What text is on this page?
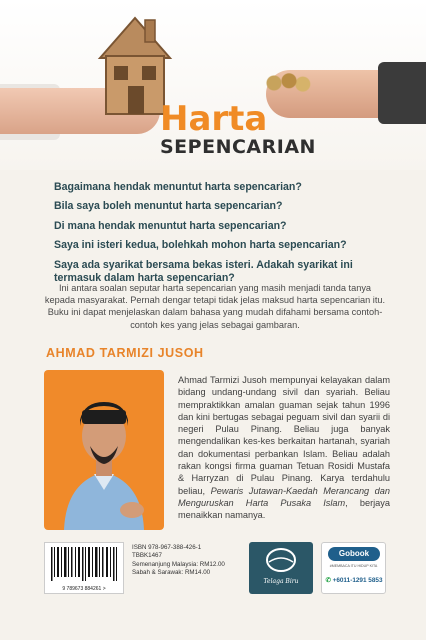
Harta
SEPENCARIAN
Bagaimana hendak menuntut harta sepencarian?
Bila saya boleh menuntut harta sepencarian?
Di mana hendak menuntut harta sepencarian?
Saya ini isteri kedua, bolehkah mohon harta sepencarian?
Saya ada syarikat bersama bekas isteri. Adakah syarikat ini termasuk dalam harta sepencarian?

Ini antara soalan seputar harta sepencarian yang masih menjadi tanda tanya kepada masyarakat. Pernah dengar tetapi tidak jelas maksud harta sepencarian itu. Buku ini dapat menjelaskan dalam bahasa yang mudah difahami bersama contoh-contoh kes yang jelas sebagai gambaran.

AHMAD TARMIZI JUSOH

Ahmad Tarmizi Jusoh mempunyai kelayakan dalam bidang undang-undang sivil dan syariah. Beliau mempraktikkan amalan guaman sejak tahun 1996 dan kini bertugas sebagai peguam sivil dan syarii di negeri Pulau Pinang. Beliau juga banyak mengendalikan kes-kes berkaitan hartanah, syariah dan dokumentasi perbankan Islam. Beliau adalah rakan kongsi firma guaman Tetuan Rosidi Mustafa & Harryzan di Pulau Pinang. Karya terdahulu beliau, Pewaris Jutawan-Kaedah Merancang dan Menguruskan Harta Pusaka Islam, berjaya menaikkan namanya.

9 789673 884261 >
ISBN 978-967-388-426-1
TBBK1467
Semenanjung Malaysia: RM12.00
Sabah & Sarawak: RM14.00
Telaga Biru
Gobook
#MEMBACA ITU HIDUP KITA
✆ +6011-1291 5853
